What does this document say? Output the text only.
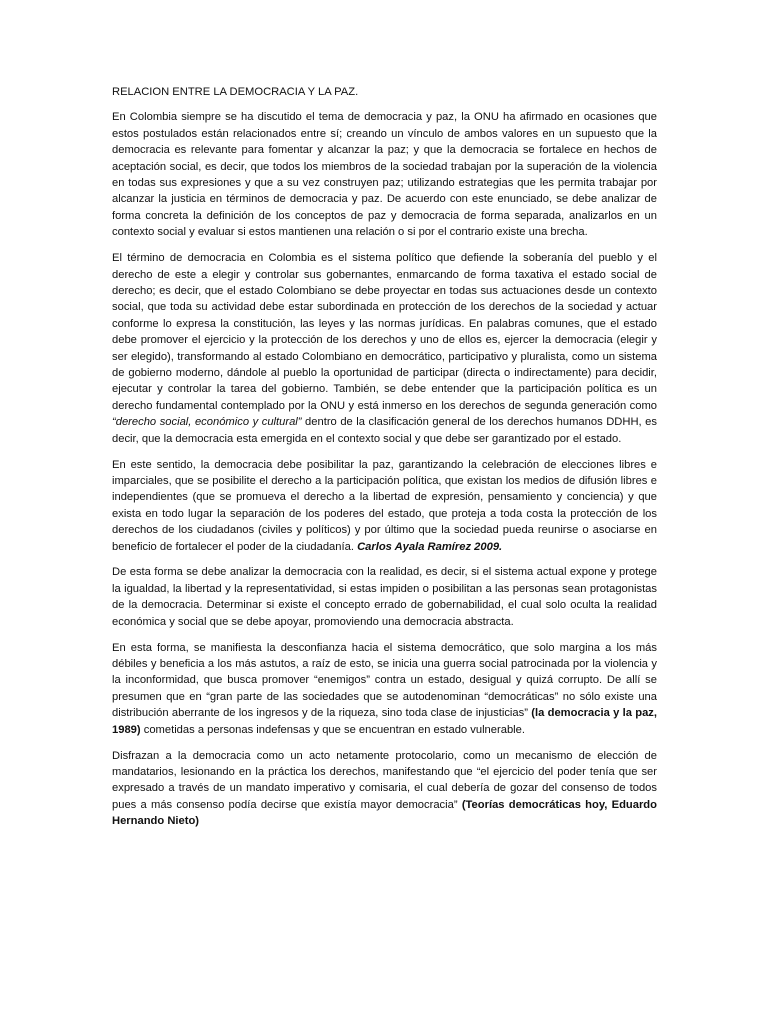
RELACION ENTRE LA DEMOCRACIA Y LA PAZ.

En Colombia siempre se ha discutido el tema de democracia y paz, la ONU ha afirmado en ocasiones que estos postulados están relacionados entre sí; creando un vínculo de ambos valores en un supuesto que la democracia es relevante para fomentar y alcanzar la paz; y que la democracia se fortalece en hechos de aceptación social, es decir, que todos los miembros de la sociedad trabajan por la superación de la violencia en todas sus expresiones y que a su vez construyen paz; utilizando estrategias que les permita trabajar por alcanzar la justicia en términos de democracia y paz. De acuerdo con este enunciado, se debe analizar de forma concreta la definición de los conceptos de paz y democracia de forma separada, analizarlos en un contexto social y evaluar si estos mantienen una relación o si por el contrario existe una brecha.

El término de democracia en Colombia es el sistema político que defiende la soberanía del pueblo y el derecho de este a elegir y controlar sus gobernantes, enmarcando de forma taxativa el estado social de derecho; es decir, que el estado Colombiano se debe proyectar en todas sus actuaciones desde un contexto social, que toda su actividad debe estar subordinada en protección de los derechos de la sociedad y actuar conforme lo expresa la constitución, las leyes y las normas jurídicas. En palabras comunes, que el estado debe promover el ejercicio y la protección de los derechos y uno de ellos es, ejercer la democracia (elegir y ser elegido), transformando al estado Colombiano en democrático, participativo y pluralista, como un sistema de gobierno moderno, dándole al pueblo la oportunidad de participar (directa o indirectamente) para decidir, ejecutar y controlar la tarea del gobierno. También, se debe entender que la participación política es un derecho fundamental contemplado por la ONU y está inmerso en los derechos de segunda generación como “derecho social, económico y cultural” dentro de la clasificación general de los derechos humanos DDHH, es decir, que la democracia esta emergida en el contexto social y que debe ser garantizado por el estado.

En este sentido, la democracia debe posibilitar la paz, garantizando la celebración de elecciones libres e imparciales, que se posibilite el derecho a la participación política, que existan los medios de difusión libres e independientes (que se promueva el derecho a la libertad de expresión, pensamiento y conciencia) y que exista en todo lugar la separación de los poderes del estado, que proteja a toda costa la protección de los derechos de los ciudadanos (civiles y políticos) y por último que la sociedad pueda reunirse o asociarse en beneficio de fortalecer el poder de la ciudadanía. Carlos Ayala Ramírez 2009.

De esta forma se debe analizar la democracia con la realidad, es decir, si el sistema actual expone y protege la igualdad, la libertad y la representatividad, si estas impiden o posibilitan a las personas sean protagonistas de la democracia. Determinar si existe el concepto errado de gobernabilidad, el cual solo oculta la realidad económica y social que se debe apoyar, promoviendo una democracia abstracta.

En esta forma, se manifiesta la desconfianza hacia el sistema democrático, que solo margina a los más débiles y beneficia a los más astutos, a raíz de esto, se inicia una guerra social patrocinada por la violencia y la inconformidad, que busca promover “enemigos” contra un estado, desigual y quizá corrupto. De allí se presumen que en “gran parte de las sociedades que se autodenominan “democráticas” no sólo existe una distribución aberrante de los ingresos y de la riqueza, sino toda clase de injusticias” (la democracia y la paz, 1989) cometidas a personas indefensas y que se encuentran en estado vulnerable.

Disfrazan a la democracia como un acto netamente protocolario, como un mecanismo de elección de mandatarios, lesionando en la práctica los derechos, manifestando que “el ejercicio del poder tenía que ser expresado a través de un mandato imperativo y comisaria, el cual debería de gozar del consenso de todos pues a más consenso podía decirse que existía mayor democracia” (Teorías democráticas hoy, Eduardo Hernando Nieto)
